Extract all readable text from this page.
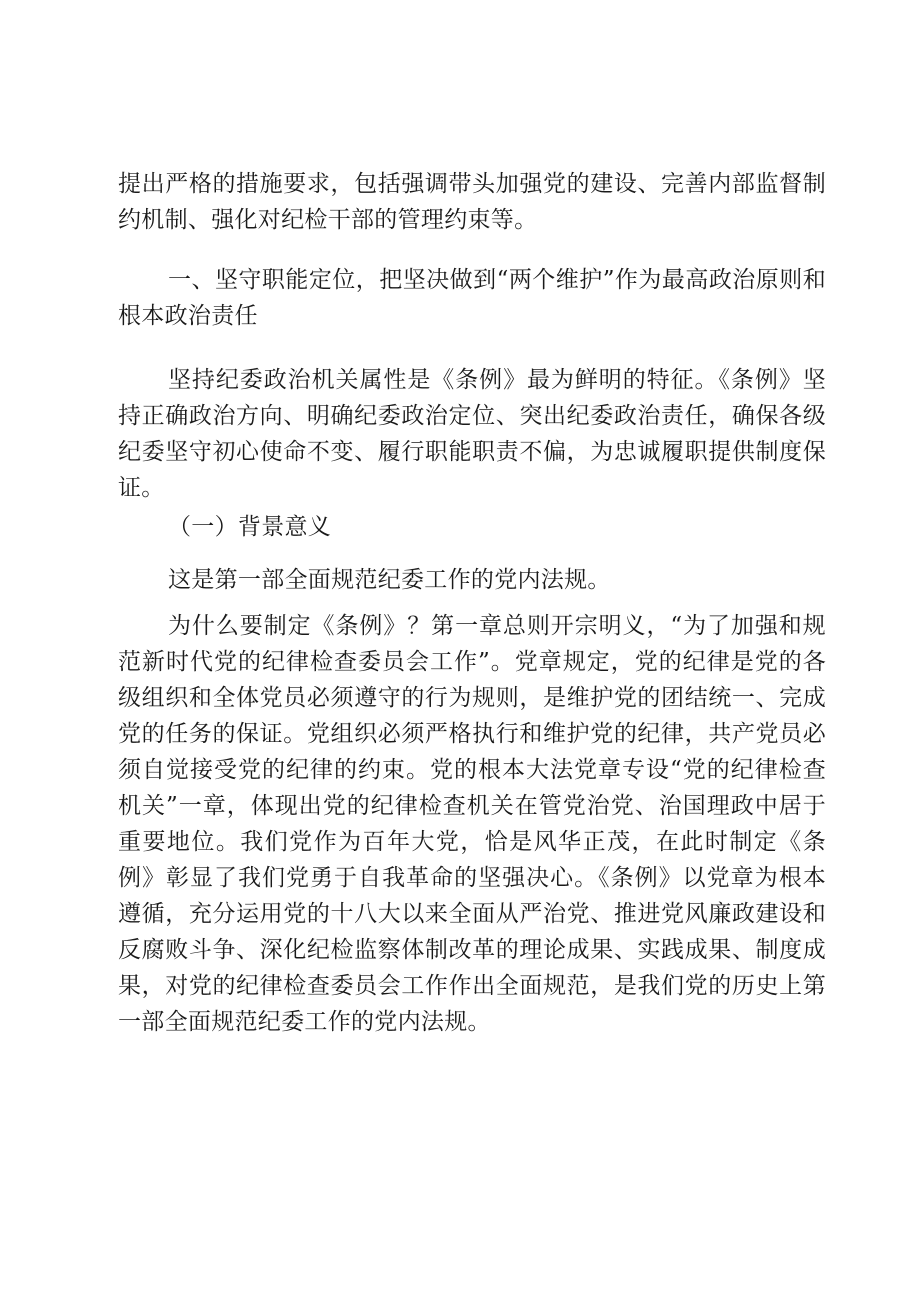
提出严格的措施要求，包括强调带头加强党的建设、完善内部监督制约机制、强化对纪检干部的管理约束等。

一、坚守职能定位，把坚决做到“两个维护”作为最高政治原则和根本政治责任

坚持纪委政治机关属性是《条例》最为鲜明的特征。《条例》坚持正确政治方向、明确纪委政治定位、突出纪委政治责任，确保各级纪委坚守初心使命不变、履行职能职责不偏，为忠诚履职提供制度保证。

（一）背景意义

这是第一部全面规范纪委工作的党内法规。

为什么要制定《条例》？第一章总则开宗明义，“为了加强和规范新时代党的纪律检查委员会工作”。党章规定，党的纪律是党的各级组织和全体党员必须遵守的行为规则，是维护党的团结统一、完成党的任务的保证。党组织必须严格执行和维护党的纪律，共产党员必须自觉接受党的纪律的约束。党的根本大法党章专设“党的纪律检查机关”一章，体现出党的纪律检查机关在管党治党、治国理政中居于重要地位。我们党作为百年大党，恰是风华正茂，在此时制定《条例》彰显了我们党勇于自我革命的坚强决心。《条例》以党章为根本遵循，充分运用党的十八大以来全面从严治党、推进党风廉政建设和反腐败斗争、深化纪检监察体制改革的理论成果、实践成果、制度成果，对党的纪律检查委员会工作作出全面规范，是我们党的历史上第一部全面规范纪委工作的党内法规。
